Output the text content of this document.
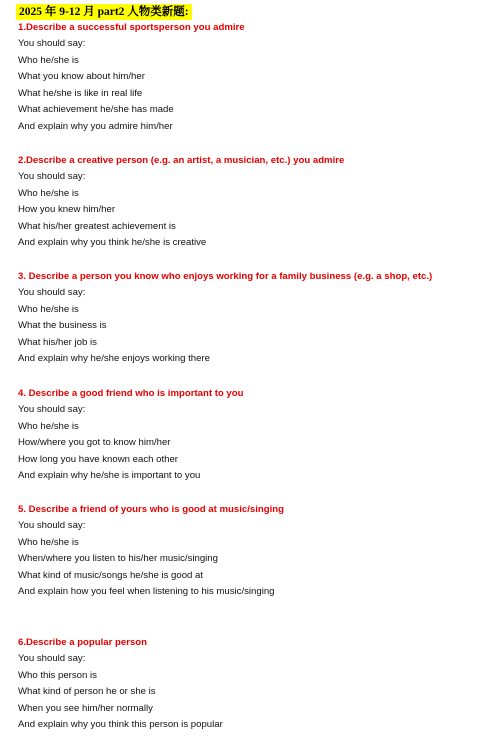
2025 年 9-12 月 part2 人物类新题:
1.Describe a successful sportsperson you admire
You should say:
Who he/she is
What you know about him/her
What he/she is like in real life
What achievement he/she has made
And explain why you admire him/her
2.Describe a creative person (e.g. an artist, a musician, etc.) you admire
You should say:
Who he/she is
How you knew him/her
What his/her greatest achievement is
And explain why you think he/she is creative
3. Describe a person you know who enjoys working for a family business (e.g. a shop, etc.)
You should say:
Who he/she is
What the business is
What his/her job is
And explain why he/she enjoys working there
4. Describe a good friend who is important to you
You should say:
Who he/she is
How/where you got to know him/her
How long you have known each other
And explain why he/she is important to you
5. Describe a friend of yours who is good at music/singing
You should say:
Who he/she is
When/where you listen to his/her music/singing
What kind of music/songs he/she is good at
And explain how you feel when listening to his music/singing
6.Describe a popular person
You should say:
Who this person is
What kind of person he or she is
When you see him/her normally
And explain why you think this person is popular
